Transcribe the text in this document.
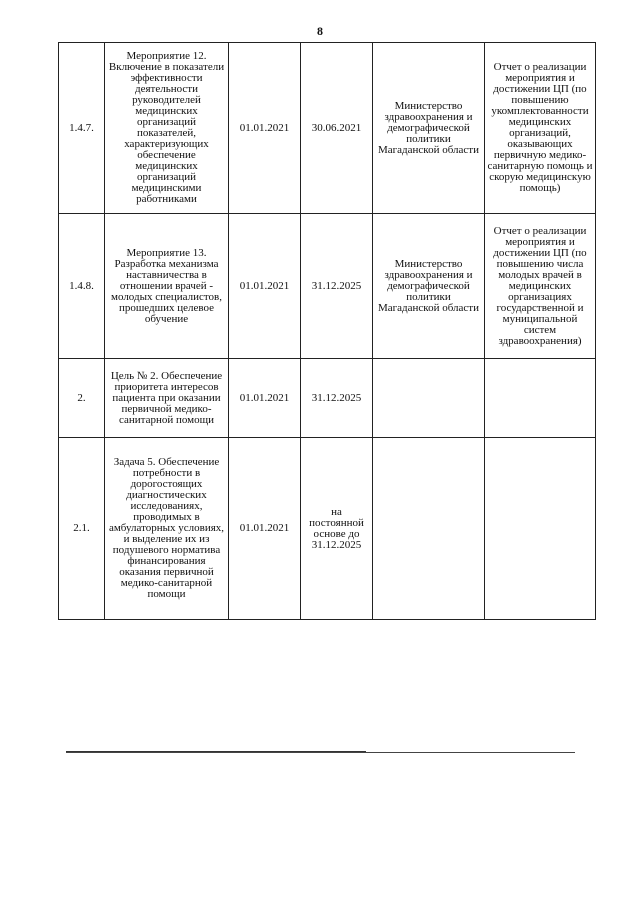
8
1.4.7.	Мероприятие 12. Включение в показатели эффективности деятельности руководителей медицинских организаций показателей, характеризующих обеспечение медицинских организаций медицинскими работниками	01.01.2021	30.06.2021	Министерство здравоохранения и демографической политики Магаданской области	Отчет о реализации мероприятия и достижении ЦП (по повышению укомплектованности медицинских организаций, оказывающих первичную медико-санитарную помощь и скорую медицинскую помощь)
1.4.8.	Мероприятие 13. Разработка механизма наставничества в отношении врачей - молодых специалистов, прошедших целевое обучение	01.01.2021	31.12.2025	Министерство здравоохранения и демографической политики Магаданской области	Отчет о реализации мероприятия и достижении ЦП (по повышению числа молодых врачей в медицинских организациях государственной и муниципальной систем здравоохранения)
2.	Цель № 2. Обеспечение приоритета интересов пациента при оказании первичной медико-санитарной помощи	01.01.2021	31.12.2025		
2.1.	Задача 5. Обеспечение потребности в дорогостоящих диагностических исследованиях, проводимых в амбулаторных условиях, и выделение их из подушевого норматива финансирования оказания первичной медико-санитарной помощи	01.01.2021	на постоянной основе до 31.12.2025		
